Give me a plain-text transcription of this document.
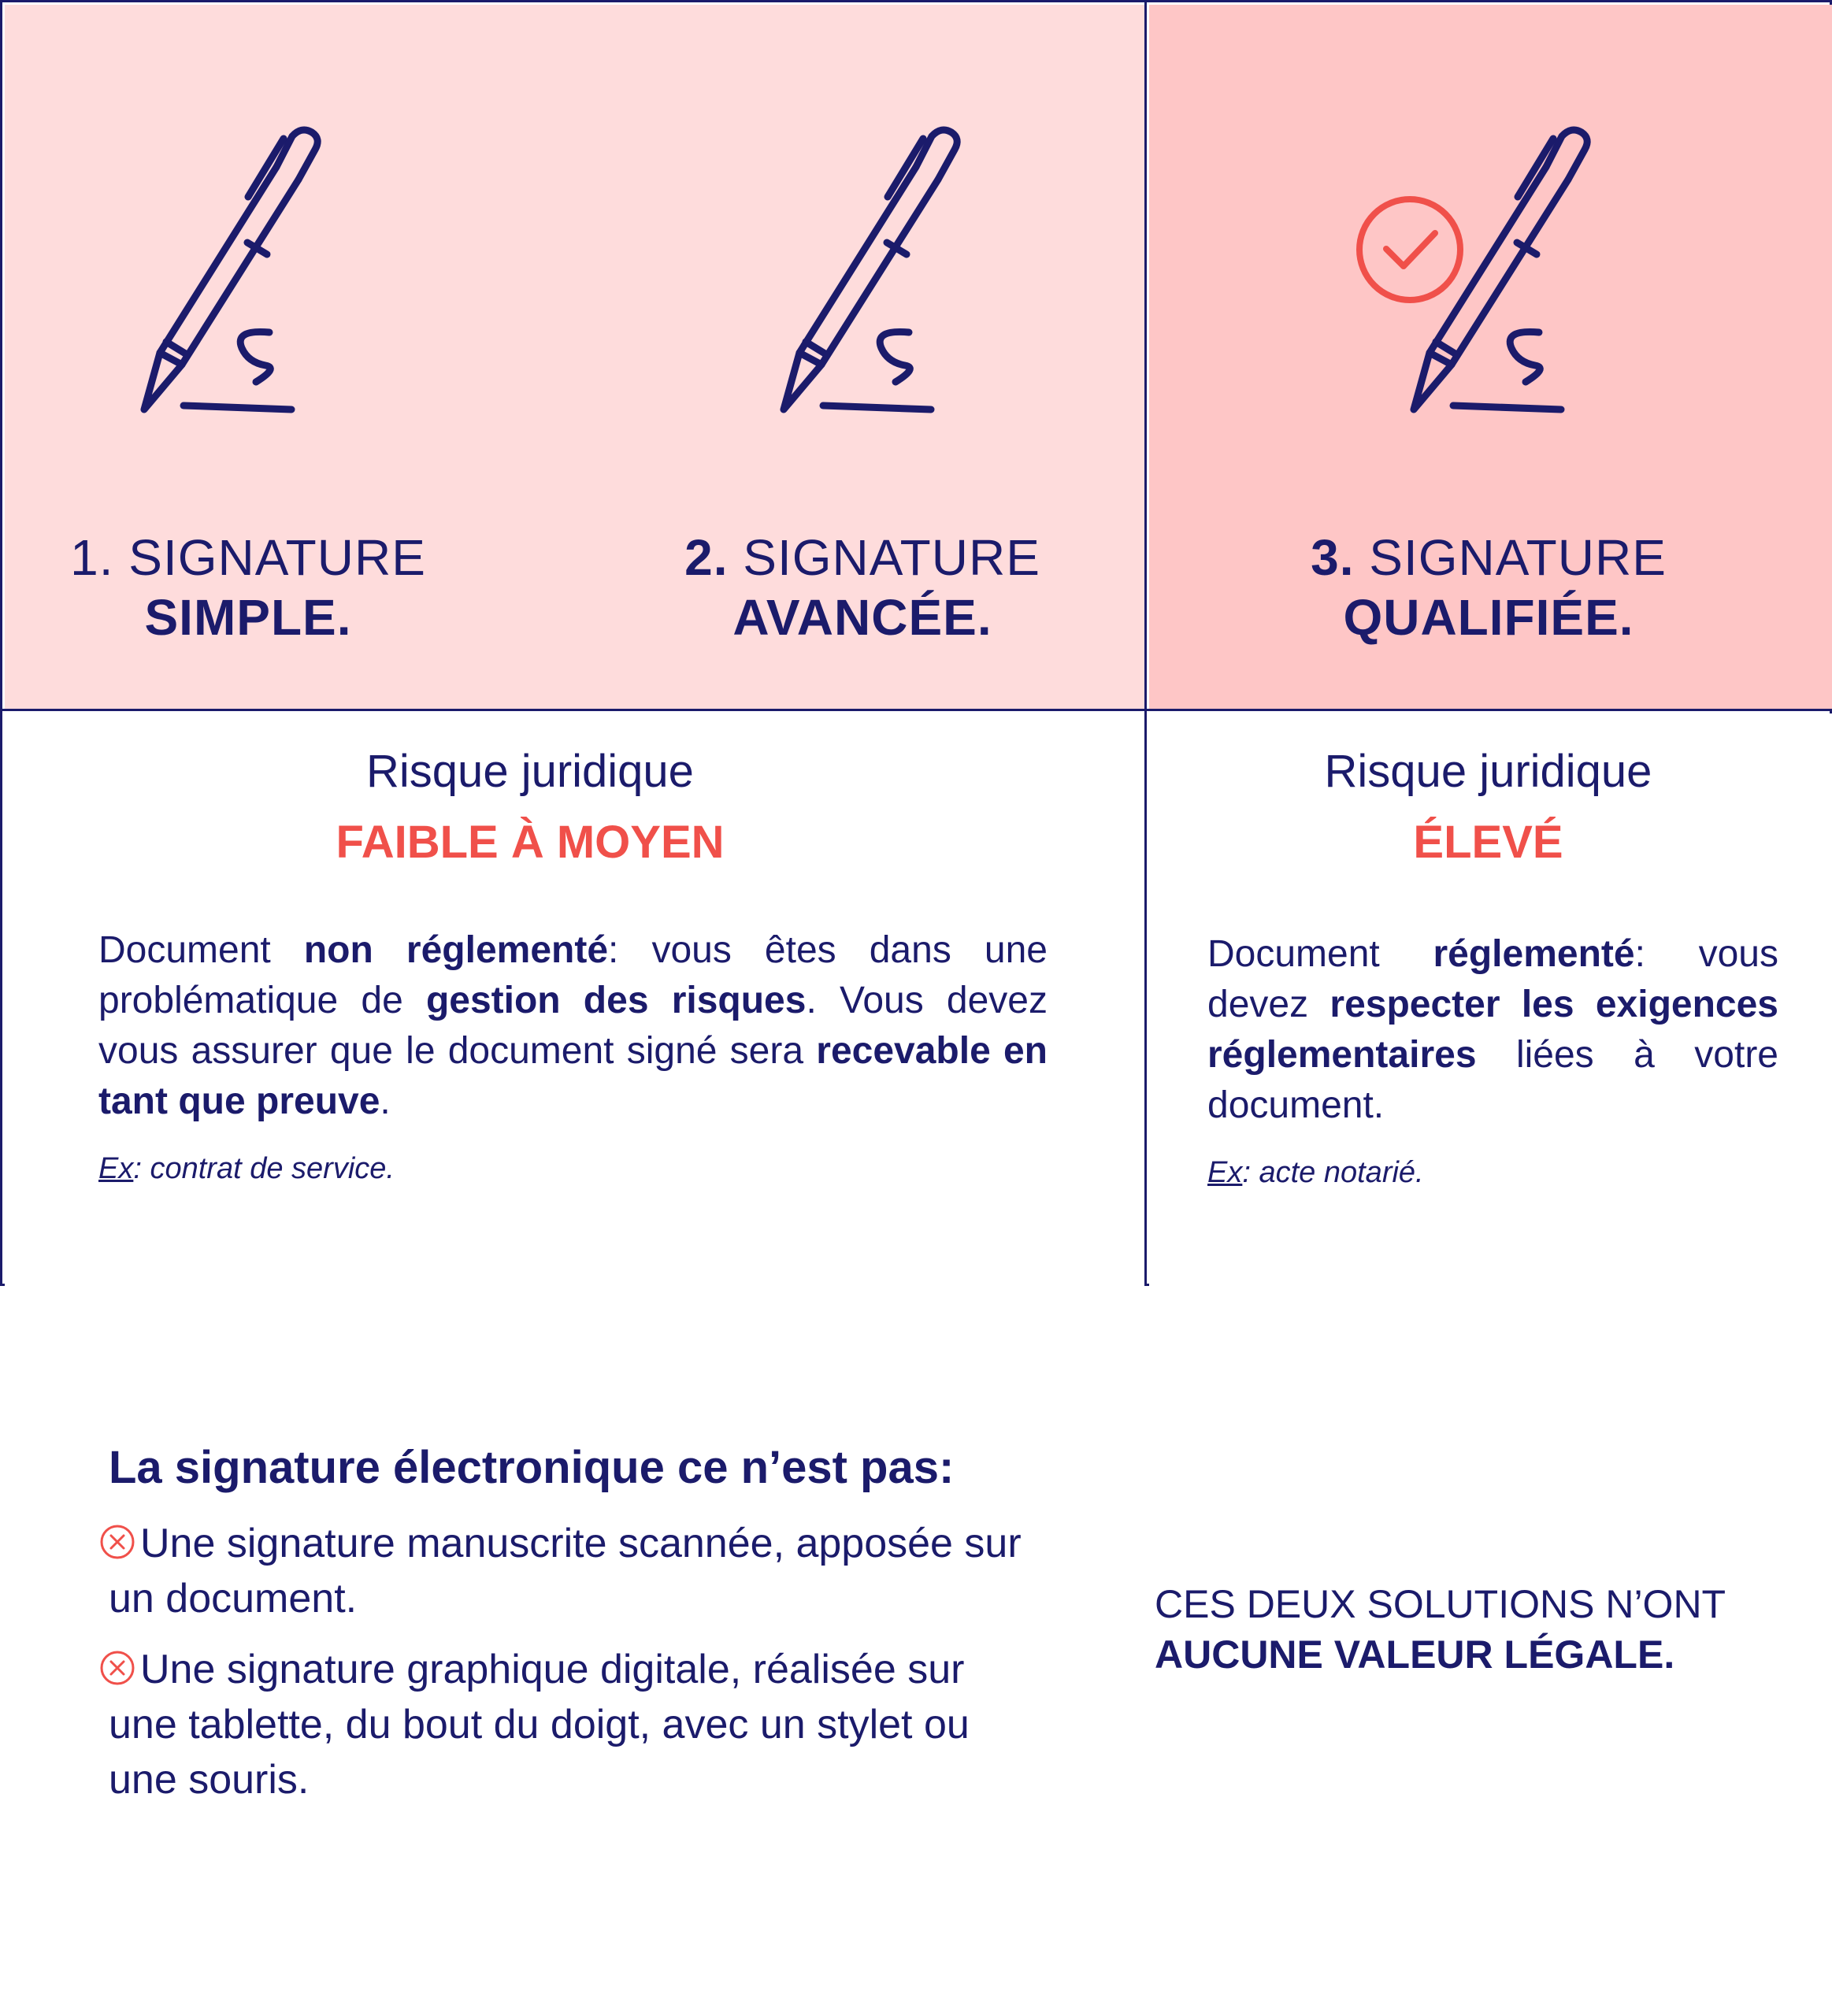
1. SIGNATURE
SIMPLE.
2. SIGNATURE
AVANCÉE.
3. SIGNATURE
QUALIFIÉE.
Risque juridique
FAIBLE À MOYEN
Document non réglementé: vous êtes dans une problématique de gestion des risques. Vous devez vous assurer que le document signé sera recevable en tant que preuve.
Ex: contrat de service.
Risque juridique
ÉLEVÉ
Document réglementé: vous devez respecter les exigences réglementaires liées à votre document.
Ex: acte notarié.
La signature électronique ce n’est pas:
Une signature manuscrite scannée, apposée sur un document.
Une signature graphique digitale, réalisée sur une tablette, du bout du doigt, avec un stylet ou une souris.
CES DEUX SOLUTIONS N’ONT
AUCUNE VALEUR LÉGALE.
